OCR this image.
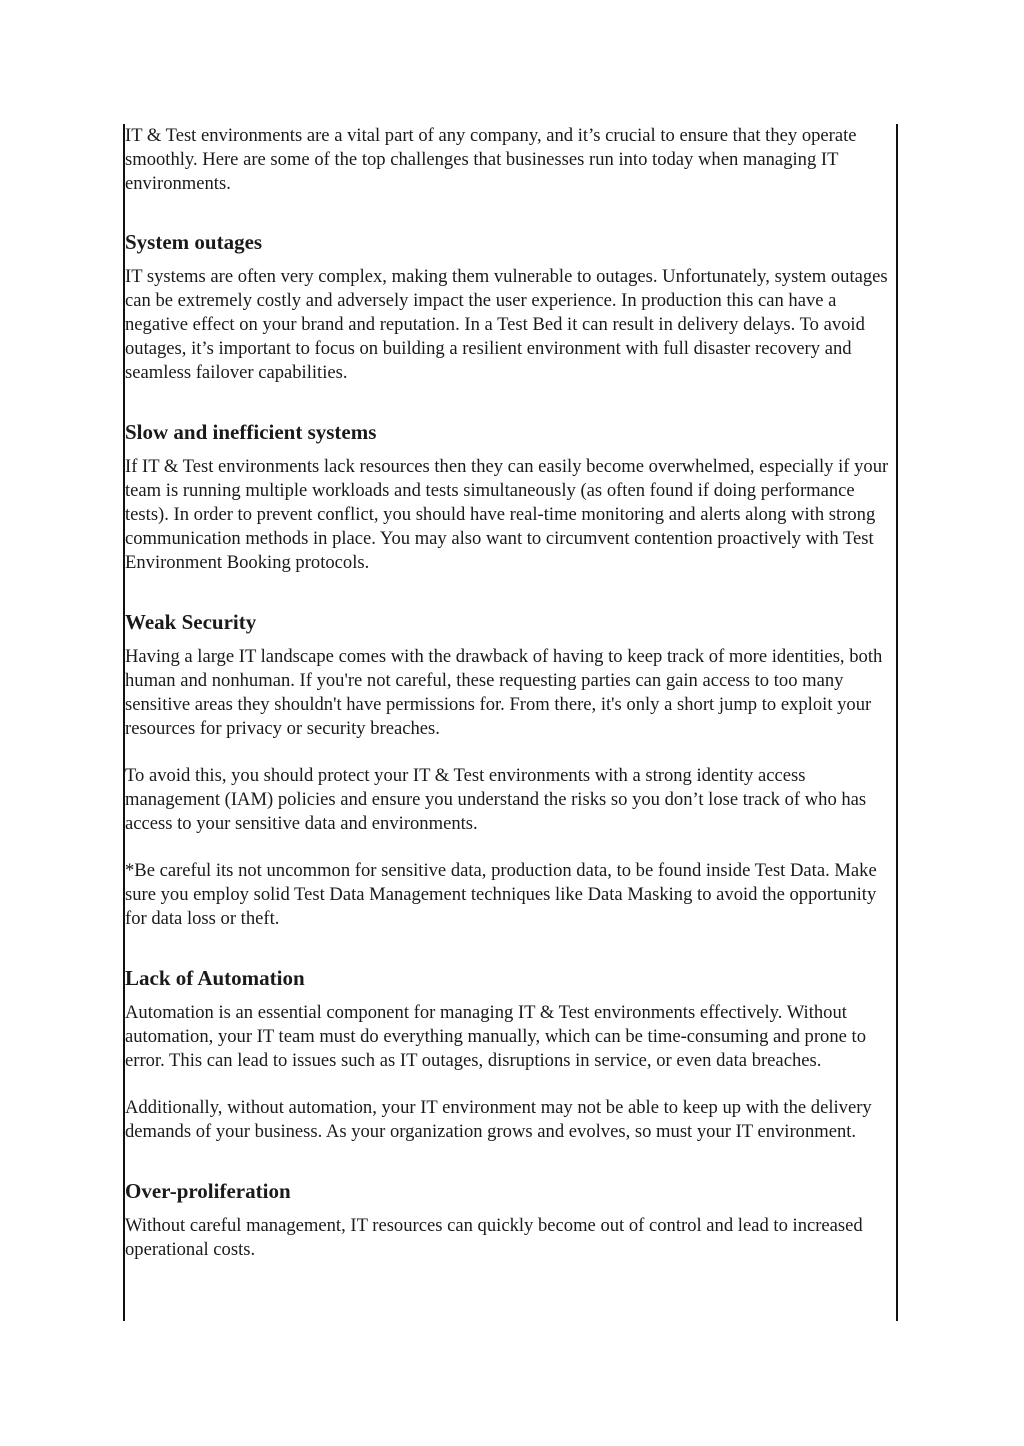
IT & Test environments are a vital part of any company, and it’s crucial to ensure that they operate smoothly. Here are some of the top challenges that businesses run into today when managing IT environments.

System outages

IT systems are often very complex, making them vulnerable to outages. Unfortunately, system outages can be extremely costly and adversely impact the user experience. In production this can have a negative effect on your brand and reputation. In a Test Bed it can result in delivery delays. To avoid outages, it’s important to focus on building a resilient environment with full disaster recovery and seamless failover capabilities.

Slow and inefficient systems

If IT & Test environments lack resources then they can easily become overwhelmed, especially if your team is running multiple workloads and tests simultaneously (as often found if doing performance tests). In order to prevent conflict, you should have real-time monitoring and alerts along with strong communication methods in place. You may also want to circumvent contention proactively with Test Environment Booking protocols.

Weak Security

Having a large IT landscape comes with the drawback of having to keep track of more identities, both human and nonhuman. If you're not careful, these requesting parties can gain access to too many sensitive areas they shouldn't have permissions for. From there, it's only a short jump to exploit your resources for privacy or security breaches.

To avoid this, you should protect your IT & Test environments with a strong identity access management (IAM) policies and ensure you understand the risks so you don’t lose track of who has access to your sensitive data and environments.

*Be careful its not uncommon for sensitive data, production data, to be found inside Test Data. Make sure you employ solid Test Data Management techniques like Data Masking to avoid the opportunity for data loss or theft.

Lack of Automation

Automation is an essential component for managing IT & Test environments effectively. Without automation, your IT team must do everything manually, which can be time-consuming and prone to error. This can lead to issues such as IT outages, disruptions in service, or even data breaches.

Additionally, without automation, your IT environment may not be able to keep up with the delivery demands of your business. As your organization grows and evolves, so must your IT environment.

Over-proliferation

Without careful management, IT resources can quickly become out of control and lead to increased operational costs.
